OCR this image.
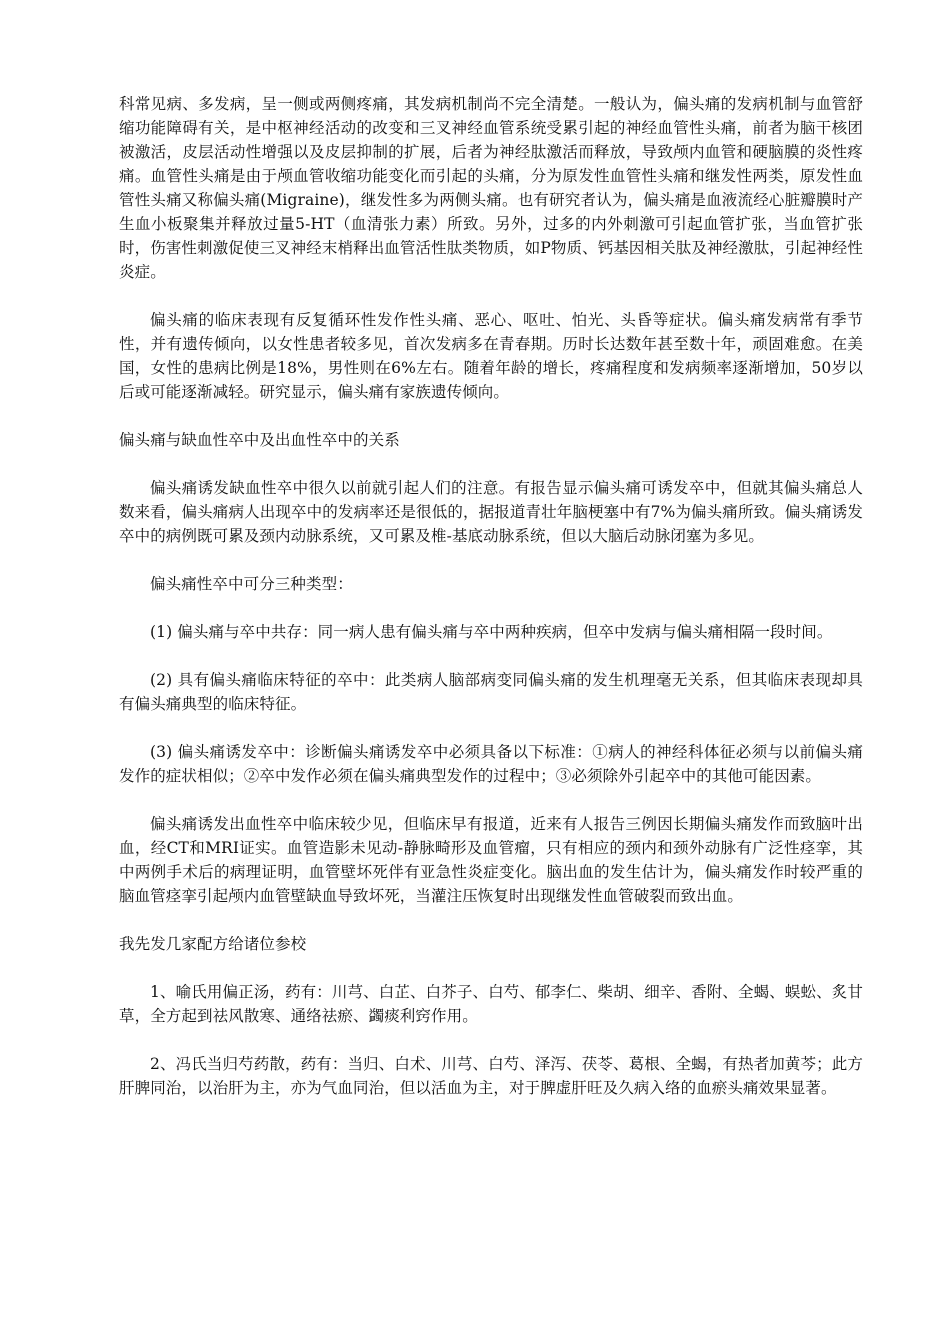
科常见病、多发病，呈一侧或两侧疼痛，其发病机制尚不完全清楚。一般认为，偏头痛的发病机制与血管舒缩功能障碍有关，是中枢神经活动的改变和三叉神经血管系统受累引起的神经血管性头痛，前者为脑干核团被激活，皮层活动性增强以及皮层抑制的扩展，后者为神经肽激活而释放，导致颅内血管和硬脑膜的炎性疼痛。血管性头痛是由于颅血管收缩功能变化而引起的头痛，分为原发性血管性头痛和继发性两类，原发性血管性头痛又称偏头痛(Migraine)，继发性多为两侧头痛。也有研究者认为，偏头痛是血液流经心脏瓣膜时产生血小板聚集并释放过量5-HT（血清张力素）所致。另外，过多的内外刺激可引起血管扩张，当血管扩张时，伤害性刺激促使三叉神经末梢释出血管活性肽类物质，如P物质、钙基因相关肽及神经激肽，引起神经性炎症。

偏头痛的临床表现有反复循环性发作性头痛、恶心、呕吐、怕光、头昏等症状。偏头痛发病常有季节性，并有遗传倾向，以女性患者较多见，首次发病多在青春期。历时长达数年甚至数十年，顽固难愈。在美国，女性的患病比例是18%，男性则在6%左右。随着年龄的增长，疼痛程度和发病频率逐渐增加，50岁以后或可能逐渐减轻。研究显示，偏头痛有家族遗传倾向。

偏头痛与缺血性卒中及出血性卒中的关系

偏头痛诱发缺血性卒中很久以前就引起人们的注意。有报告显示偏头痛可诱发卒中，但就其偏头痛总人数来看，偏头痛病人出现卒中的发病率还是很低的，据报道青壮年脑梗塞中有7%为偏头痛所致。偏头痛诱发卒中的病例既可累及颈内动脉系统，又可累及椎-基底动脉系统，但以大脑后动脉闭塞为多见。

偏头痛性卒中可分三种类型：

(1) 偏头痛与卒中共存：同一病人患有偏头痛与卒中两种疾病，但卒中发病与偏头痛相隔一段时间。

(2) 具有偏头痛临床特征的卒中：此类病人脑部病变同偏头痛的发生机理毫无关系，但其临床表现却具有偏头痛典型的临床特征。

(3) 偏头痛诱发卒中：诊断偏头痛诱发卒中必须具备以下标准：①病人的神经科体征必须与以前偏头痛发作的症状相似；②卒中发作必须在偏头痛典型发作的过程中；③必须除外引起卒中的其他可能因素。

偏头痛诱发出血性卒中临床较少见，但临床早有报道，近来有人报告三例因长期偏头痛发作而致脑叶出血，经CT和MRI证实。血管造影未见动-静脉畸形及血管瘤，只有相应的颈内和颈外动脉有广泛性痉挛，其中两例手术后的病理证明，血管壁坏死伴有亚急性炎症变化。脑出血的发生估计为，偏头痛发作时较严重的脑血管痉挛引起颅内血管壁缺血导致坏死，当灌注压恢复时出现继发性血管破裂而致出血。

我先发几家配方给诸位参校

1、喻氏用偏正汤，药有：川芎、白芷、白芥子、白芍、郁李仁、柴胡、细辛、香附、全蝎、蜈蚣、炙甘草，全方起到祛风散寒、通络祛瘀、蠲痰利窍作用。

2、冯氏当归芍药散，药有：当归、白术、川芎、白芍、泽泻、茯苓、葛根、全蝎，有热者加黄芩；此方肝脾同治，以治肝为主，亦为气血同治，但以活血为主，对于脾虚肝旺及久病入络的血瘀头痛效果显著。
